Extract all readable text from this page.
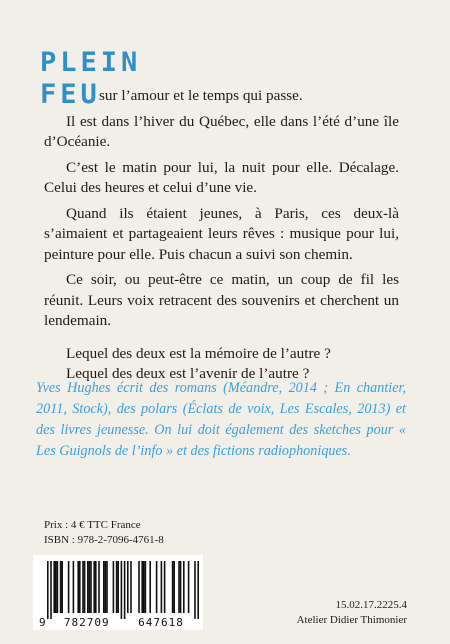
PLEIN
FEU

sur l’amour et le temps qui passe.

Il est dans l’hiver du Québec, elle dans l’été d’une île d’Océanie.

C’est le matin pour lui, la nuit pour elle. Décalage. Celui des heures et celui d’une vie.

Quand ils étaient jeunes, à Paris, ces deux-là s’aimaient et partageaient leurs rêves : musique pour lui, peinture pour elle. Puis chacun a suivi son chemin.

Ce soir, ou peut-être ce matin, un coup de fil les réunit. Leurs voix retracent des souvenirs et cherchent un lendemain.

Lequel des deux est la mémoire de l’autre ?

Lequel des deux est l’avenir de l’autre ?

Yves Hughes écrit des romans (Méandre, 2014 ; En chantier, 2011, Stock), des polars (Éclats de voix, Les Escales, 2013) et des livres jeunesse. On lui doit également des sketches pour « Les Guignols de l’info » et des fictions radiophoniques.
Prix : 4 € TTC France
ISBN : 978-2-7096-4761-8
9 782709	647618
15.02.17.2225.4
Atelier Didier Thimonier
